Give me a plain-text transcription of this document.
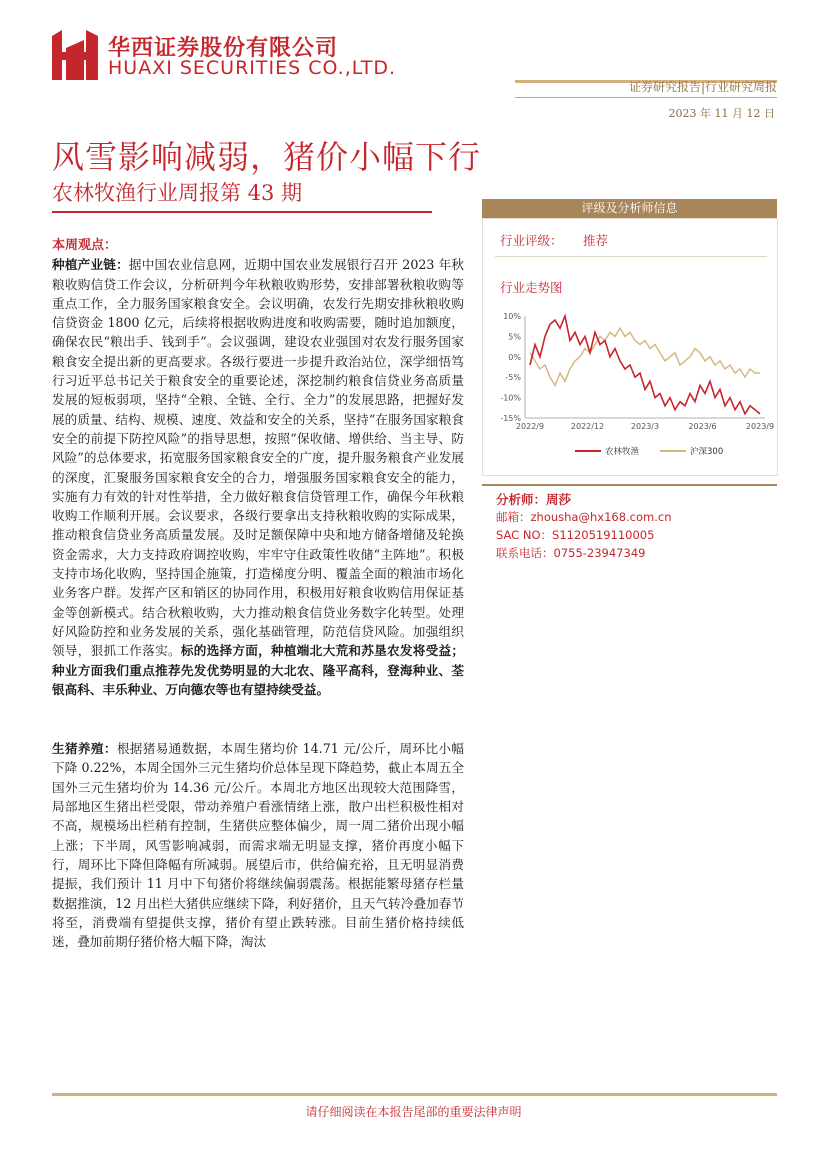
华西证券股份有限公司
HUAXI SECURITIES CO.,LTD.
证券研究报告|行业研究周报
2023 年 11 月 12 日
风雪影响减弱，猪价小幅下行
农林牧渔行业周报第 43 期
本周观点：

种植产业链：据中国农业信息网，近期中国农业发展银行召开 2023 年秋粮收购信贷工作会议，分析研判今年秋粮收购形势，安排部署秋粮收购等重点工作，全力服务国家粮食安全。会议明确，农发行先期安排秋粮收购信贷资金 1800 亿元，后续将根据收购进度和收购需要，随时追加额度，确保农民“粮出手、钱到手”。会议强调，建设农业强国对农发行服务国家粮食安全提出新的更高要求。各级行要进一步提升政治站位，深学细悟笃行习近平总书记关于粮食安全的重要论述，深挖制约粮食信贷业务高质量发展的短板弱项，坚持“全粮、全链、全行、全力”的发展思路，把握好发展的质量、结构、规模、速度、效益和安全的关系，坚持“在服务国家粮食安全的前提下防控风险”的指导思想，按照“保收储、增供给、当主导、防风险”的总体要求，拓宽服务国家粮食安全的广度，提升服务粮食产业发展的深度，汇聚服务国家粮食安全的合力，增强服务国家粮食安全的能力，实施有力有效的针对性举措，全力做好粮食信贷管理工作，确保今年秋粮收购工作顺利开展。会议要求，各级行要拿出支持秋粮收购的实际成果，推动粮食信贷业务高质量发展。及时足额保障中央和地方储备增储及轮换资金需求，大力支持政府调控收购，牢牢守住政策性收储“主阵地”。积极支持市场化收购，坚持国企施策，打造梯度分明、覆盖全面的粮油市场化业务客户群。发挥产区和销区的协同作用，积极用好粮食收购信用保证基金等创新模式。结合秋粮收购，大力推动粮食信贷业务数字化转型。处理好风险防控和业务发展的关系，强化基础管理，防范信贷风险。加强组织领导，狠抓工作落实。标的选择方面，种植端北大荒和苏垦农发将受益；种业方面我们重点推荐先发优势明显的大北农、隆平高科，登海种业、荃银高科、丰乐种业、万向德农等也有望持续受益。

生猪养殖：根据猪易通数据，本周生猪均价 14.71 元/公斤，周环比小幅下降 0.22%，本周全国外三元生猪均价总体呈现下降趋势，截止本周五全国外三元生猪均价为 14.36 元/公斤。本周北方地区出现较大范围降雪，局部地区生猪出栏受限，带动养殖户看涨情绪上涨，散户出栏积极性相对不高，规模场出栏稍有控制，生猪供应整体偏少，周一周二猪价出现小幅上涨；下半周，风雪影响减弱，而需求端无明显支撑，猪价再度小幅下行，周环比下降但降幅有所减弱。展望后市，供给偏充裕，且无明显消费提振，我们预计 11 月中下旬猪价将继续偏弱震荡。根据能繁母猪存栏量数据推演，12 月出栏大猪供应继续下降，利好猪价，且天气转冷叠加春节将至，消费端有望提供支撑，猪价有望止跌转涨。目前生猪价格持续低迷，叠加前期仔猪价格大幅下降，淘汰

评级及分析师信息
行业评级： 推荐
行业走势图
10%
5%
0%
-5%
-10%
-15%
2022/9	2022/12	2023/3	2023/6	2023/9
农林牧渔	沪深300
分析师：周莎
邮箱：zhousha@hx168.com.cn
SAC NO：S1120519110005
联系电话：0755-23947349
请仔细阅读在本报告尾部的重要法律声明
